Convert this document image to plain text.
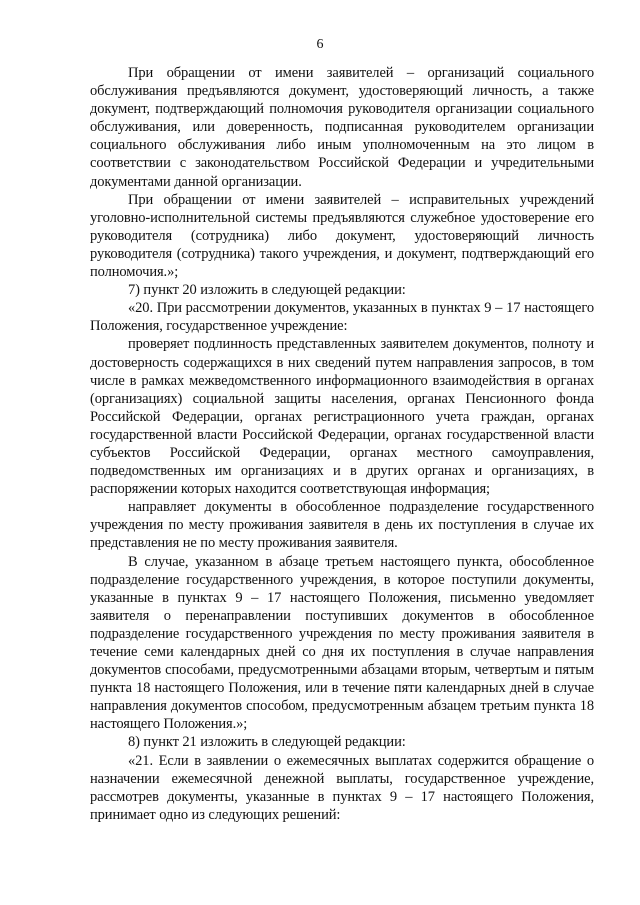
6

При обращении от имени заявителей – организаций социального обслуживания предъявляются документ, удостоверяющий личность, а также документ, подтверждающий полномочия руководителя организации социального обслуживания, или доверенность, подписанная руководителем организации социального обслуживания либо иным уполномоченным на это лицом в соответствии с законодательством Российской Федерации и учредительными документами данной организации.

При обращении от имени заявителей – исправительных учреждений уголовно-исполнительной системы предъявляются служебное удостоверение его руководителя (сотрудника) либо документ, удостоверяющий личность руководителя (сотрудника) такого учреждения, и документ, подтверждающий его полномочия.»;

7) пункт 20 изложить в следующей редакции:

«20. При рассмотрении документов, указанных в пунктах 9 – 17 настоящего Положения, государственное учреждение:

проверяет подлинность представленных заявителем документов, полноту и достоверность содержащихся в них сведений путем направления запросов, в том числе в рамках межведомственного информационного взаимодействия в органах (организациях) социальной защиты населения, органах Пенсионного фонда Российской Федерации, органах регистрационного учета граждан, органах государственной власти Российской Федерации, органах государственной власти субъектов Российской Федерации, органах местного самоуправления, подведомственных им организациях и в других органах и организациях, в распоряжении которых находится соответствующая информация;

направляет документы в обособленное подразделение государственного учреждения по месту проживания заявителя в день их поступления в случае их представления не по месту проживания заявителя.

В случае, указанном в абзаце третьем настоящего пункта, обособленное подразделение государственного учреждения, в которое поступили документы, указанные в пунктах 9 – 17 настоящего Положения, письменно уведомляет заявителя о перенаправлении поступивших документов в обособленное подразделение государственного учреждения по месту проживания заявителя в течение семи календарных дней со дня их поступления в случае направления документов способами, предусмотренными абзацами вторым, четвертым и пятым пункта 18 настоящего Положения, или в течение пяти календарных дней в случае направления документов способом, предусмотренным абзацем третьим пункта 18 настоящего Положения.»;

8) пункт 21 изложить в следующей редакции:

«21. Если в заявлении о ежемесячных выплатах содержится обращение о назначении ежемесячной денежной выплаты, государственное учреждение, рассмотрев документы, указанные в пунктах 9 – 17 настоящего Положения, принимает одно из следующих решений:
